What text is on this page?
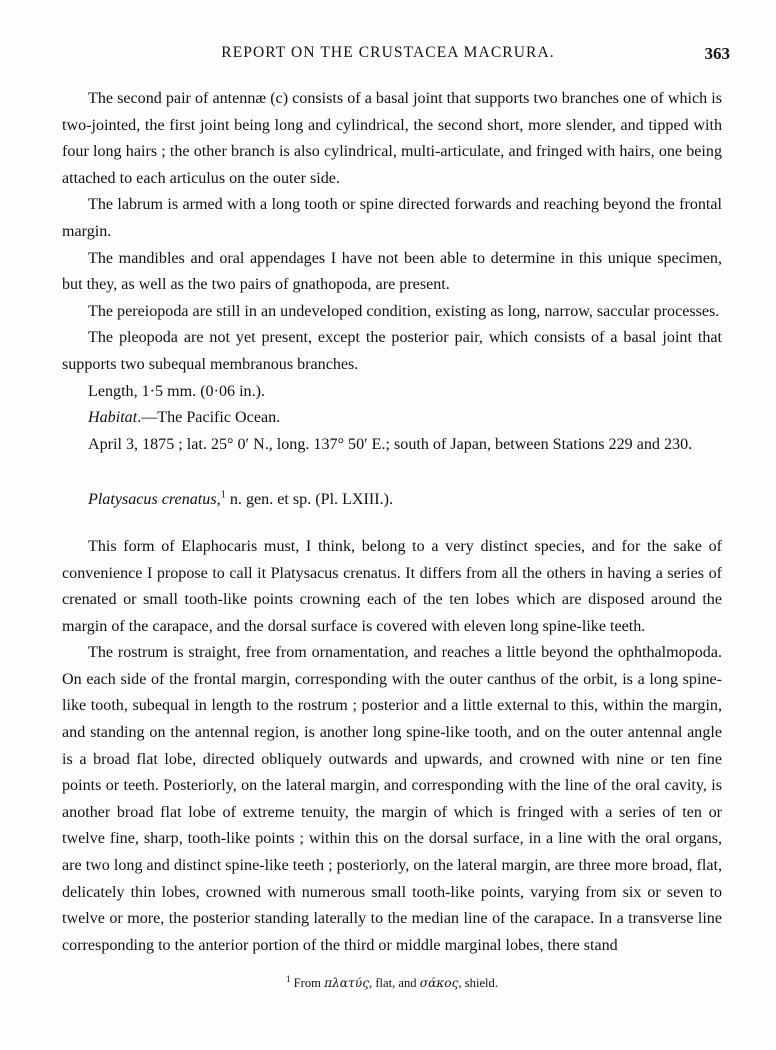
REPORT ON THE CRUSTACEA MACRURA.	363

The second pair of antennæ (c) consists of a basal joint that supports two branches one of which is two-jointed, the first joint being long and cylindrical, the second short, more slender, and tipped with four long hairs ; the other branch is also cylindrical, multi-articulate, and fringed with hairs, one being attached to each articulus on the outer side.

The labrum is armed with a long tooth or spine directed forwards and reaching beyond the frontal margin.

The mandibles and oral appendages I have not been able to determine in this unique specimen, but they, as well as the two pairs of gnathopoda, are present.

The pereiopoda are still in an undeveloped condition, existing as long, narrow, saccular processes.

The pleopoda are not yet present, except the posterior pair, which consists of a basal joint that supports two subequal membranous branches.

Length, 1·5 mm. (0·06 in.).

Habitat.—The Pacific Ocean.

April 3, 1875 ; lat. 25° 0′ N., long. 137° 50′ E.; south of Japan, between Stations 229 and 230.

Platysacus crenatus,$^1$ n. gen. et sp. (Pl. LXIII.).

This form of Elaphocaris must, I think, belong to a very distinct species, and for the sake of convenience I propose to call it Platysacus crenatus. It differs from all the others in having a series of crenated or small tooth-like points crowning each of the ten lobes which are disposed around the margin of the carapace, and the dorsal surface is covered with eleven long spine-like teeth.

The rostrum is straight, free from ornamentation, and reaches a little beyond the ophthalmopoda. On each side of the frontal margin, corresponding with the outer canthus of the orbit, is a long spine-like tooth, subequal in length to the rostrum ; posterior and a little external to this, within the margin, and standing on the antennal region, is another long spine-like tooth, and on the outer antennal angle is a broad flat lobe, directed obliquely outwards and upwards, and crowned with nine or ten fine points or teeth. Posteriorly, on the lateral margin, and corresponding with the line of the oral cavity, is another broad flat lobe of extreme tenuity, the margin of which is fringed with a series of ten or twelve fine, sharp, tooth-like points ; within this on the dorsal surface, in a line with the oral organs, are two long and distinct spine-like teeth ; posteriorly, on the lateral margin, are three more broad, flat, delicately thin lobes, crowned with numerous small tooth-like points, varying from six or seven to twelve or more, the posterior standing laterally to the median line of the carapace. In a transverse line corresponding to the anterior portion of the third or middle marginal lobes, there stand

$^1$ From πλατύς, flat, and σάκος, shield.
